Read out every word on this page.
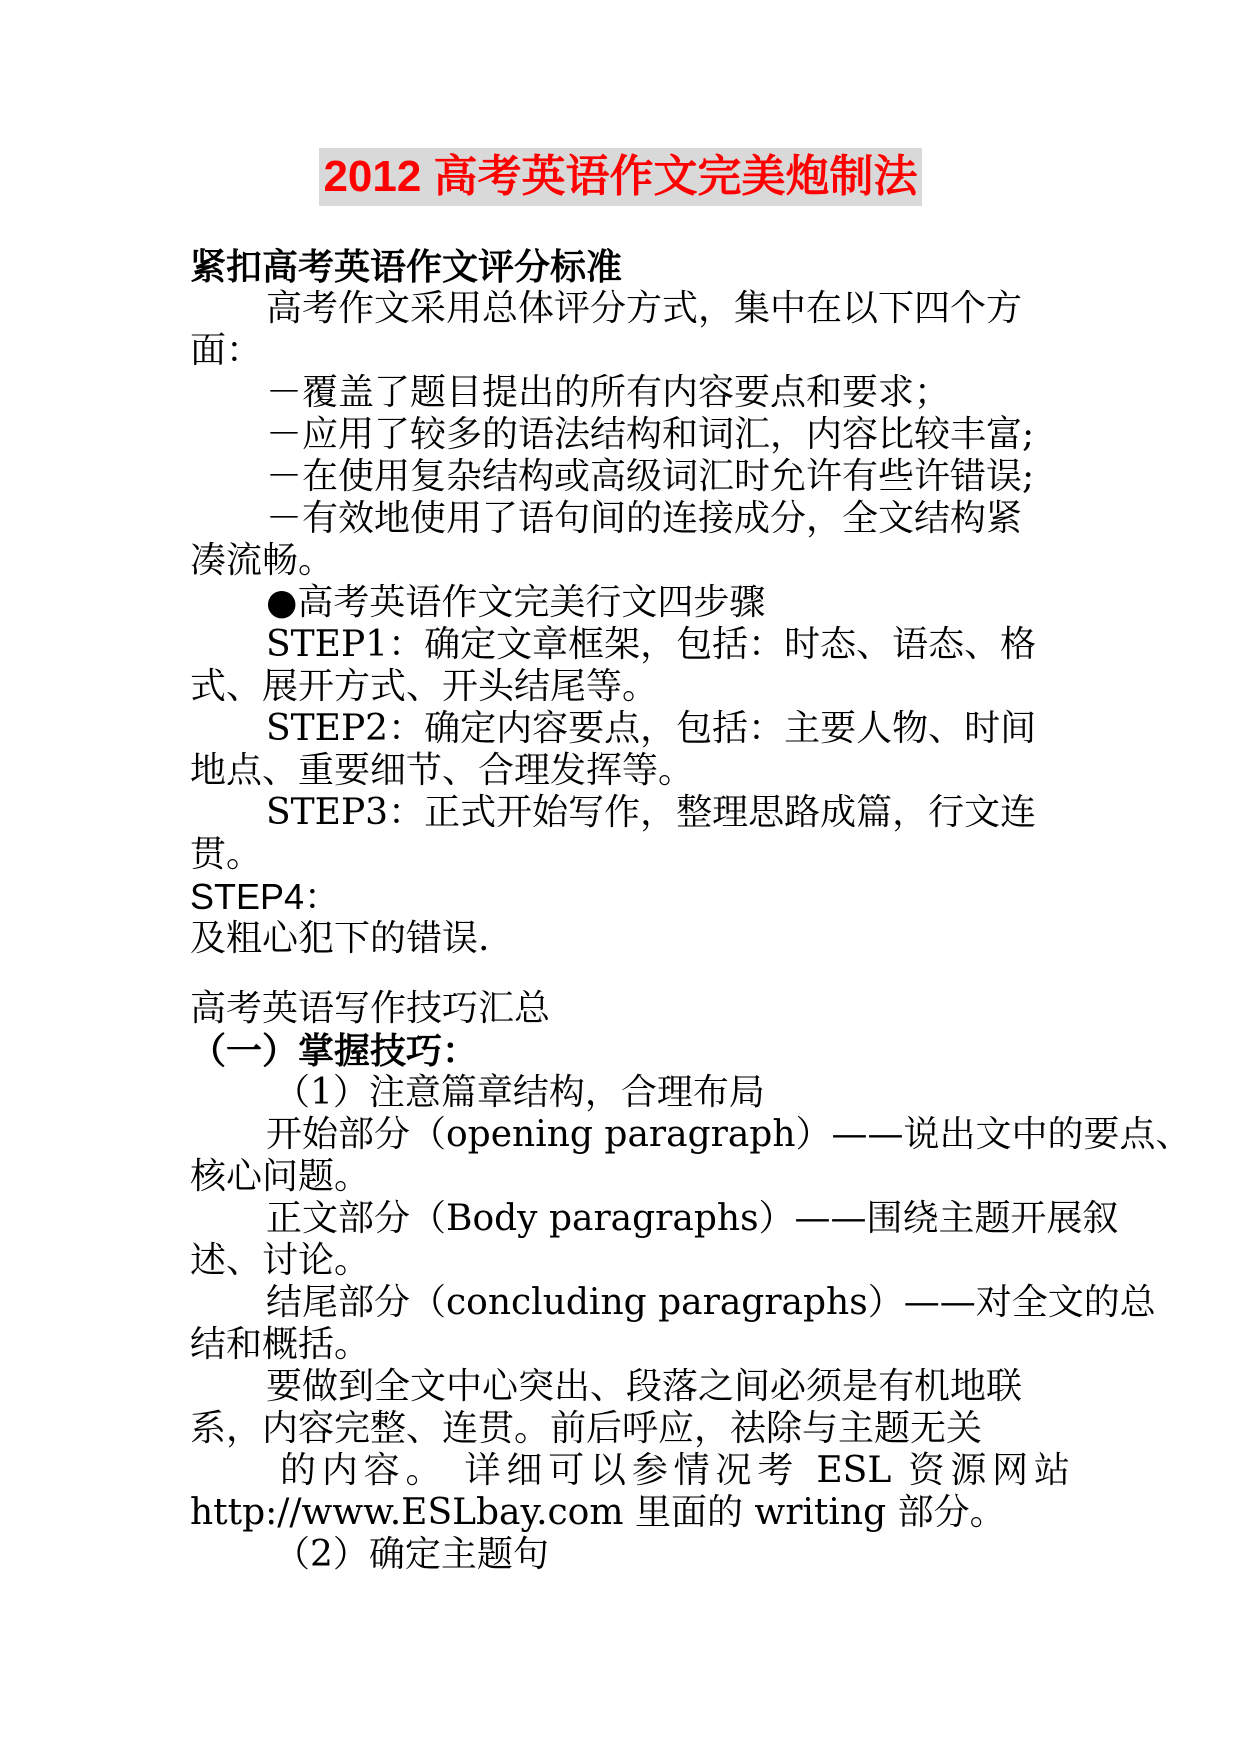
2012 高考英语作文完美炮制法
紧扣高考英语作文评分标准
高考作文采用总体评分方式，集中在以下四个方
面：
－覆盖了题目提出的所有内容要点和要求；
－应用了较多的语法结构和词汇，内容比较丰富;
－在使用复杂结构或高级词汇时允许有些许错误;
－有效地使用了语句间的连接成分，全文结构紧
凑流畅。
●高考英语作文完美行文四步骤
STEP1：确定文章框架，包括：时态、语态、格
式、展开方式、开头结尾等。
STEP2：确定内容要点，包括：主要人物、时间
地点、重要细节、合理发挥等。
STEP3：正式开始写作，整理思路成篇，行文连
贯。
STEP4：
及粗心犯下的错误.
高考英语写作技巧汇总
（一）掌握技巧：
（1）注意篇章结构，合理布局
开始部分（opening paragraph）——说出文中的要点、
核心问题。
正文部分（Body paragraphs）——围绕主题开展叙
述、讨论。
结尾部分（concluding paragraphs）——对全文的总
结和概括。
要做到全文中心突出、段落之间必须是有机地联
系，内容完整、连贯。前后呼应，祛除与主题无关
的内容。 详细可以参情况考 ESL 资源网站
http://www.ESLbay.com 里面的 writing 部分。
（2）确定主题句
